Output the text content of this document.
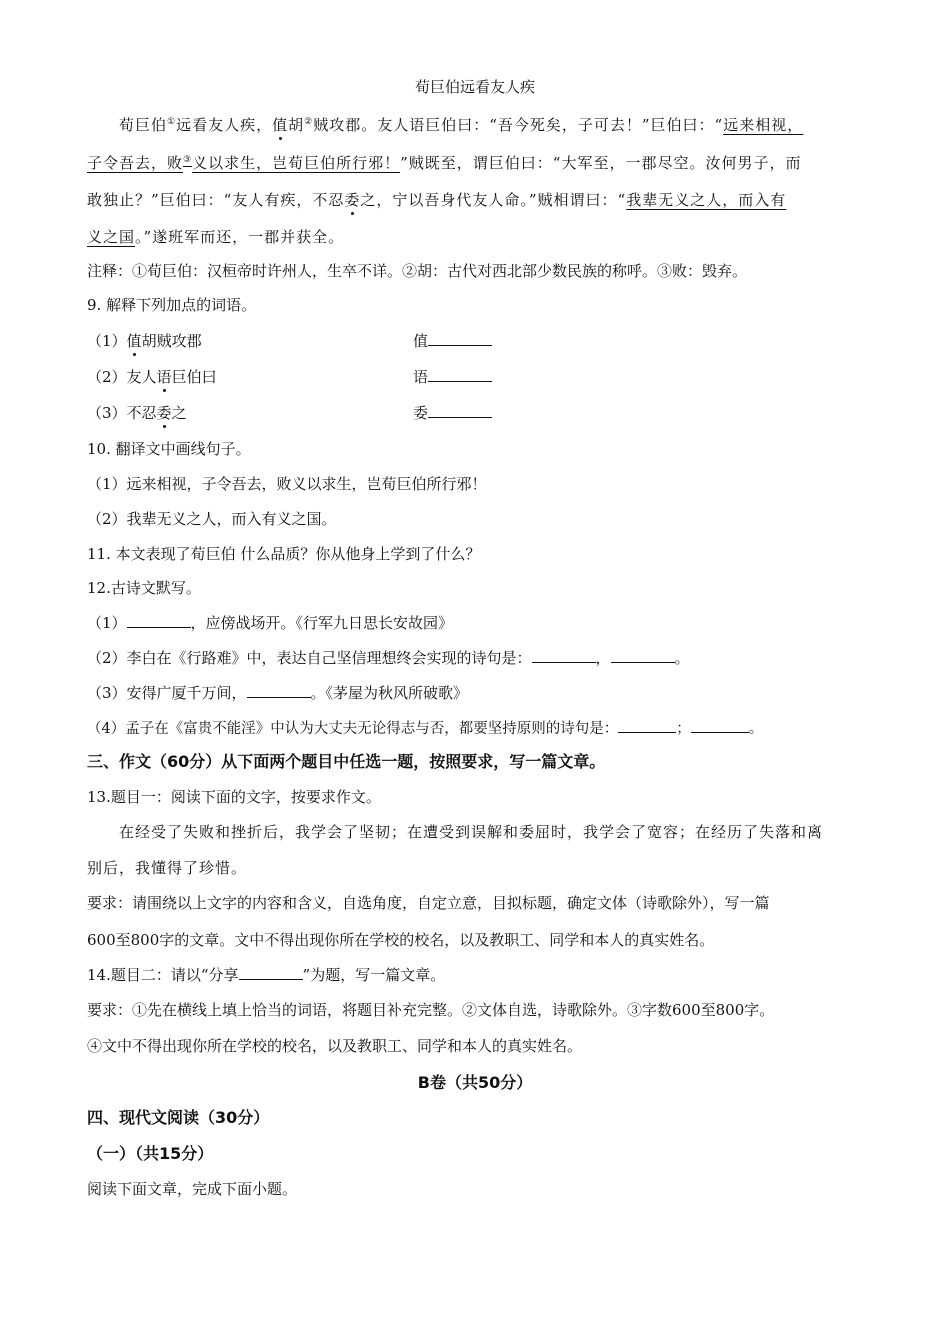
荀巨伯远看友人疾
荀巨伯①远看友人疾，值胡②贼攻郡。友人语巨伯曰：“吾今死矣，子可去！”巨伯曰：“远来相视，
子令吾去，败③义以求生，岂荀巨伯所行邪！”贼既至，谓巨伯曰：“大军至，一郡尽空。汝何男子，而
敢独止？”巨伯曰：“友人有疾，不忍委之，宁以吾身代友人命。”贼相谓曰：“我辈无义之人，而入有
义之国。”遂班军而还，一郡并获全。
注释：①荀巨伯：汉桓帝时许州人，生卒不详。②胡：古代对西北部少数民族的称呼。③败：毁弃。
9. 解释下列加点的词语。
（1）值胡贼攻郡	值
（2）友人语巨伯曰	语
（3）不忍委之	委
10. 翻译文中画线句子。
（1）远来相视，子令吾去，败义以求生，岂荀巨伯所行邪！
（2）我辈无义之人，而入有义之国。
11. 本文表现了荀巨伯 什么品质？你从他身上学到了什么？
12.古诗文默写。
（1）	，应傍战场开。《行军九日思长安故园》
（2）李白在《行路难》中，表达自己坚信理想终会实现的诗句是：	，	。
（3）安得广厦千万间，	。《茅屋为秋风所破歌》
（4）孟子在《富贵不能淫》中认为大丈夫无论得志与否，都要坚持原则的诗句是：	；	。
三、作文（60分）从下面两个题目中任选一题，按照要求，写一篇文章。
13.题目一：阅读下面的文字，按要求作文。
在经受了失败和挫折后，我学会了坚韧；在遭受到误解和委屈时，我学会了宽容；在经历了失落和离
别后，我懂得了珍惜。
要求：请围绕以上文字的内容和含义，自选角度，自定立意，目拟标题，确定文体（诗歌除外），写一篇
600至800字的文章。文中不得出现你所在学校的校名，以及教职工、同学和本人的真实姓名。
14.题目二：请以“分享	”为题，写一篇文章。
要求：①先在横线上填上恰当的词语，将题目补充完整。②文体自选，诗歌除外。③字数600至800字。
④文中不得出现你所在学校的校名，以及教职工、同学和本人的真实姓名。
B卷（共50分）
四、现代文阅读（30分）
（一）（共15分）
阅读下面文章，完成下面小题。
